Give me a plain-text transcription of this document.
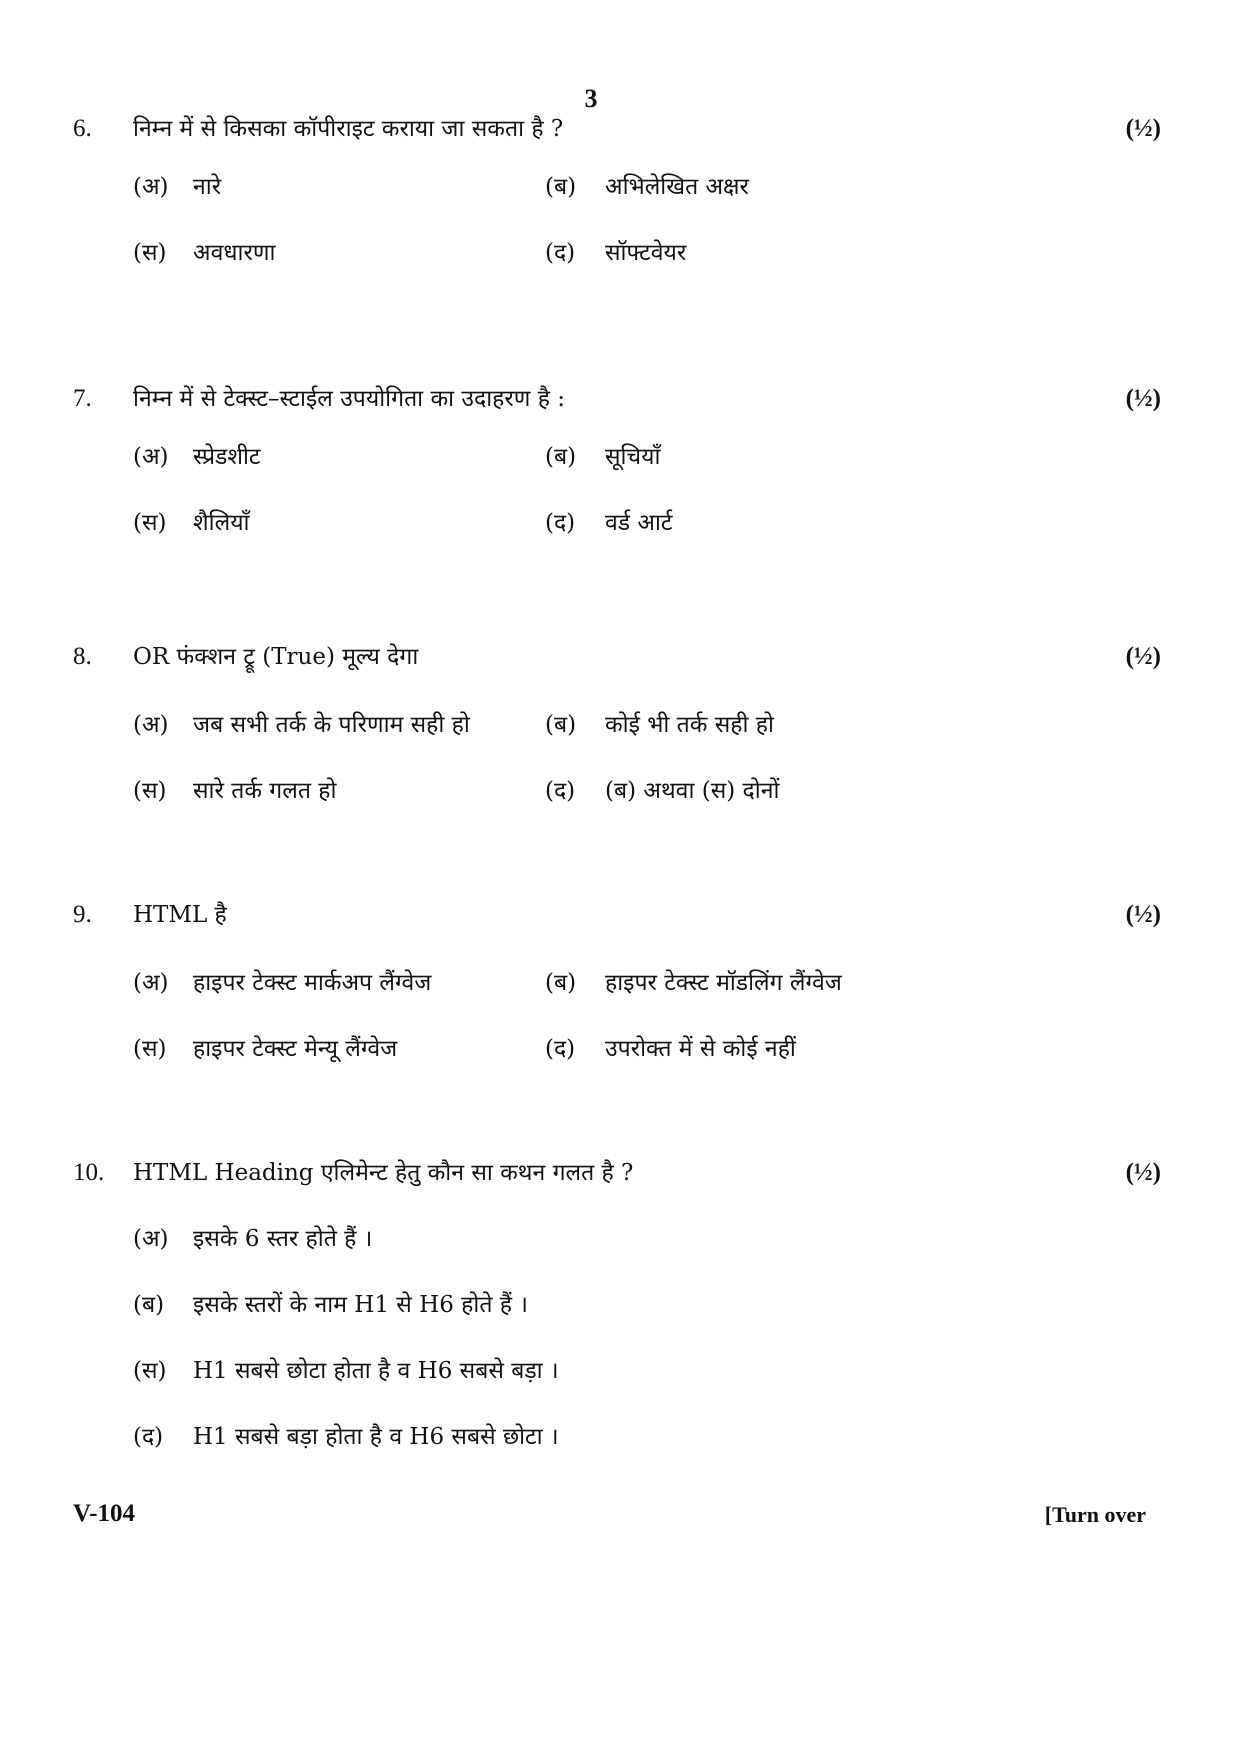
3
6. निम्न में से किसका कॉपीराइट कराया जा सकता है ?	(½)
(अ) नारे	(ब) अभिलेखित अक्षर
(स) अवधारणा	(द) सॉफ्टवेयर
7. निम्न में से टेक्स्ट–स्टाईल उपयोगिता का उदाहरण है :	(½)
(अ) स्प्रेडशीट	(ब) सूचियाँ
(स) शैलियाँ	(द) वर्ड आर्ट
8. OR फंक्शन ट्रू (True) मूल्य देगा	(½)
(अ) जब सभी तर्क के परिणाम सही हो	(ब) कोई भी तर्क सही हो
(स) सारे तर्क गलत हो	(द) (ब) अथवा (स) दोनों
9. HTML है	(½)
(अ) हाइपर टेक्स्ट मार्कअप लैंग्वेज	(ब) हाइपर टेक्स्ट मॉडलिंग लैंग्वेज
(स) हाइपर टेक्स्ट मेन्यू लैंग्वेज	(द) उपरोक्त में से कोई नहीं
10. HTML Heading एलिमेन्ट हेतु कौन सा कथन गलत है ?	(½)
(अ) इसके 6 स्तर होते हैं ।
(ब) इसके स्तरों के नाम H1 से H6 होते हैं ।
(स) H1 सबसे छोटा होता है व H6 सबसे बड़ा ।
(द) H1 सबसे बड़ा होता है व H6 सबसे छोटा ।
V-104	[Turn over
